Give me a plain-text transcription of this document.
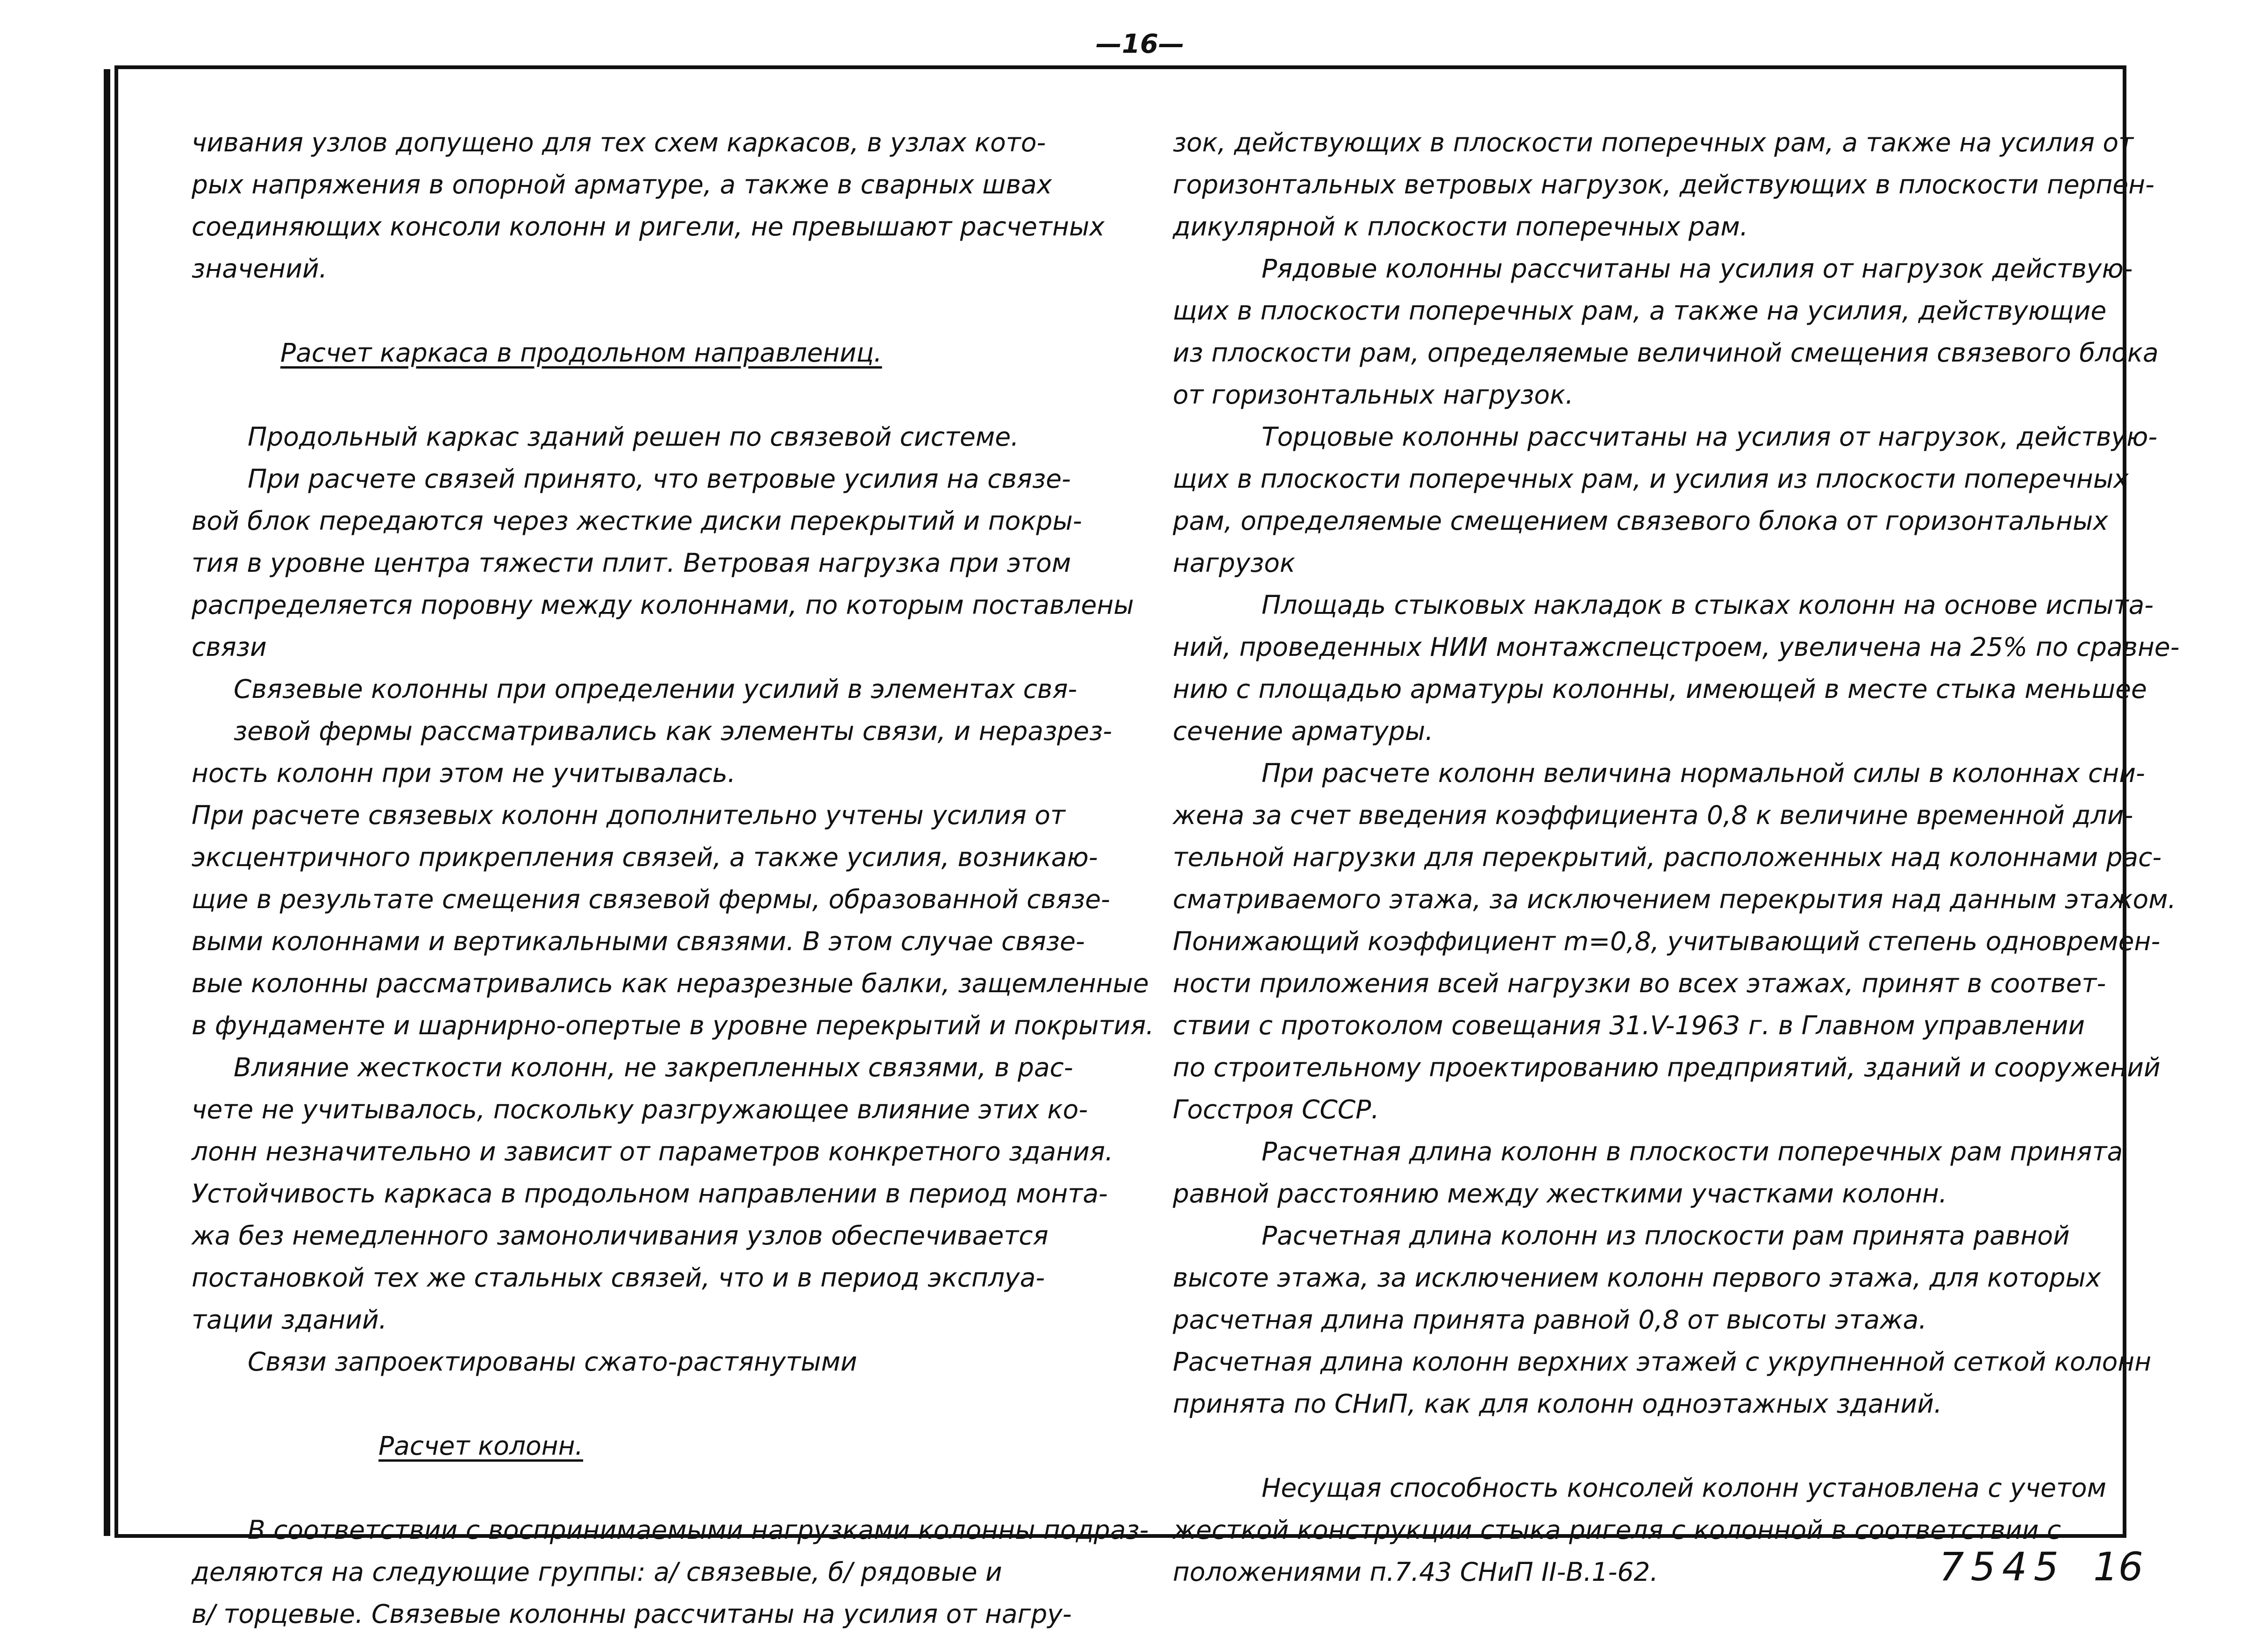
—16—
чивания узлов допущено для тех схем каркасов, в узлах кото-
рых напряжения в опорной арматуре, а также в сварных швах
соединяющих консоли колонн и ригели, не превышают расчетных
значений.
Расчет каркаса в продольном направлениц.
Продольный каркас зданий решен по связевой системе.
При расчете связей принято, что ветровые усилия на связе-
вой блок передаются через жесткие диски перекрытий и покры-
тия в уровне центра тяжести плит. Ветровая нагрузка при этом
распределяется поровну между колоннами, по которым поставлены
связи
Связевые колонны при определении усилий в элементах свя-
зевой фермы рассматривались как элементы связи, и неразрез-
ность колонн при этом не учитывалась.
При расчете связевых колонн дополнительно учтены усилия от
эксцентричного прикрепления связей, а также усилия, возникаю-
щие в результате смещения связевой фермы, образованной связе-
выми колоннами и вертикальными связями. В этом случае связе-
вые колонны рассматривались как неразрезные балки, защемленные
в фундаменте и шарнирно-опертые в уровне перекрытий и покрытия.
Влияние жесткости колонн, не закрепленных связями, в рас-
чете не учитывалось, поскольку разгружающее влияние этих ко-
лонн незначительно и зависит от параметров конкретного здания.
Устойчивость каркаса в продольном направлении в период монта-
жа без немедленного замоноличивания узлов обеспечивается
постановкой тех же стальных связей, что и в период эксплуа-
тации зданий.
Связи запроектированы сжато-растянутыми
Расчет колонн.
В соответствии с воспринимаемыми нагрузками колонны подраз-
деляются на следующие группы: а/ связевые, б/ рядовые и
в/ торцевые. Связевые колонны рассчитаны на усилия от нагру-
зок, действующих в плоскости поперечных рам, а также на усилия от
горизонтальных ветровых нагрузок, действующих в плоскости перпен-
дикулярной к плоскости поперечных рам.
Рядовые колонны рассчитаны на усилия от нагрузок действую-
щих в плоскости поперечных рам, а также на усилия, действующие
из плоскости рам, определяемые величиной смещения связевого блока
от горизонтальных нагрузок.
Торцовые колонны рассчитаны на усилия от нагрузок, действую-
щих в плоскости поперечных рам, и усилия из плоскости поперечных
рам, определяемые смещением связевого блока от горизонтальных
нагрузок
Площадь стыковых накладок в стыках колонн на основе испыта-
ний, проведенных НИИ монтажспецстроем, увеличена на 25% по сравне-
нию с площадью арматуры колонны, имеющей в месте стыка меньшее
сечение арматуры.
При расчете колонн величина нормальной силы в колоннах сни-
жена за счет введения коэффициента 0,8 к величине временной дли-
тельной нагрузки для перекрытий, расположенных над колоннами рас-
сматриваемого этажа, за исключением перекрытия над данным этажом.
Понижающий коэффициент m=0,8, учитывающий степень одновремен-
ности приложения всей нагрузки во всех этажах, принят в соответ-
ствии с протоколом совещания 31.V-1963 г. в Главном управлении
по строительному проектированию предприятий, зданий и сооружений
Госстроя СССР.
Расчетная длина колонн в плоскости поперечных рам принята
равной расстоянию между жесткими участками колонн.
Расчетная длина колонн из плоскости рам принята равной
высоте этажа, за исключением колонн первого этажа, для которых
расчетная длина принята равной 0,8 от высоты этажа.
Расчетная длина колонн верхних этажей с укрупненной сеткой колонн
принята по СНиП, как для колонн одноэтажных зданий.
Несущая способность консолей колонн установлена с учетом
жесткой конструкции стыка ригеля с колонной в соответствии с
положениями п.7.43 СНиП II-В.1-62.	7545 16
